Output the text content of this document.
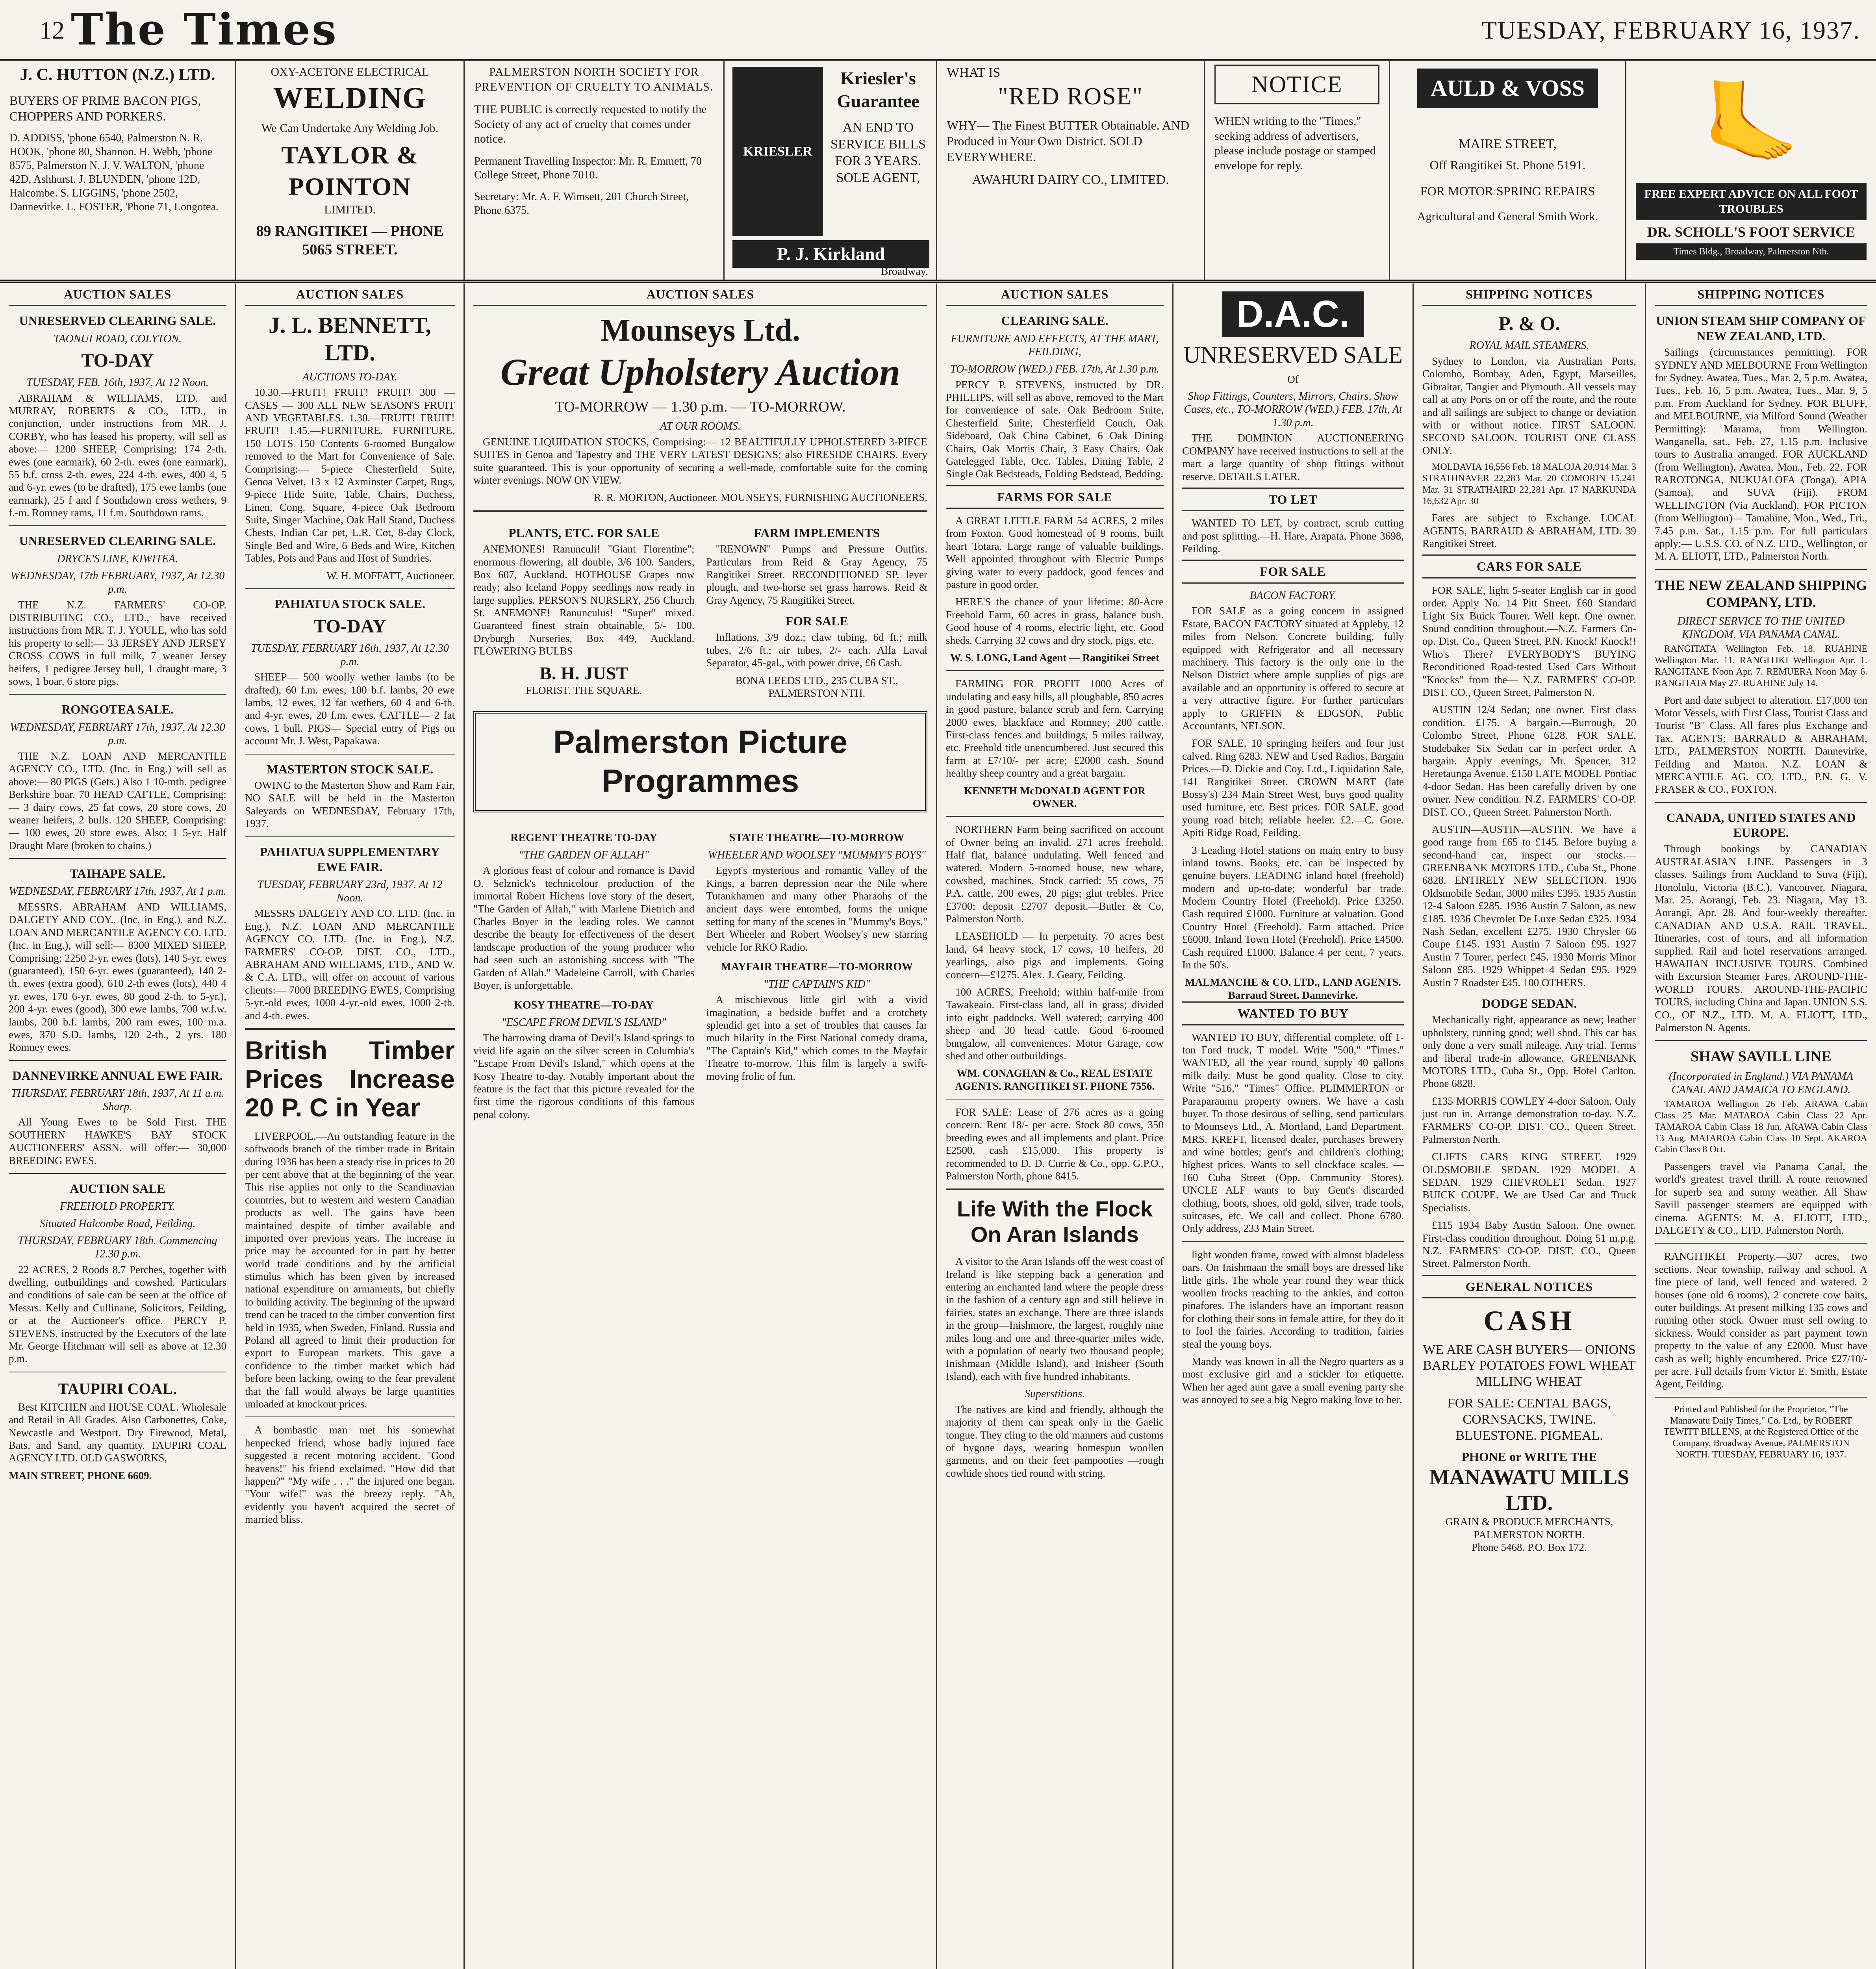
12 The Times	TUESDAY, FEBRUARY 16, 1937.
J. C. HUTTON (N.Z.) LTD.
BUYERS OF PRIME BACON PIGS, CHOPPERS AND PORKERS.
D. ADDISS, 'phone 6540, Palmerston N. R. HOOK, 'phone 80, Shannon. H. Webb, 'phone 8575, Palmerston N. J. V. WALTON, 'phone 42D, Ashhurst. J. BLUNDEN, 'phone 12D, Halcombe. S. LIGGINS, 'phone 2502, Dannevirke. L. FOSTER, 'Phone 71, Longotea.
OXY-ACETONE ELECTRICAL
WELDING
We Can Undertake Any Welding Job.
TAYLOR & POINTON
LIMITED.
89 RANGITIKEI — PHONE 5065 STREET.
PALMERSTON NORTH SOCIETY FOR PREVENTION OF CRUELTY TO ANIMALS.
THE PUBLIC is correctly requested to notify the Society of any act of cruelty that comes under notice.
Permanent Travelling Inspector: Mr. R. Emmett, 70 College Street, Phone 7010.
Secretary: Mr. A. F. Wimsett, 201 Church Street, Phone 6375.
KRIESLER
Kriesler's Guarantee
AN END TO SERVICE BILLS FOR 3 YEARS. SOLE AGENT,
P. J. Kirkland
Broadway.
WHAT IS
"RED ROSE"
WHY— The Finest BUTTER Obtainable. AND Produced in Your Own District. SOLD EVERYWHERE.
AWAHURI DAIRY CO., LIMITED.
NOTICE
WHEN writing to the "Times," seeking address of advertisers, please include postage or stamped envelope for reply.
AULD & VOSS
MAIRE STREET,
Off Rangitikei St. Phone 5191.
FOR MOTOR SPRING REPAIRS
Agricultural and General Smith Work.
🦶
FREE EXPERT ADVICE ON ALL FOOT TROUBLES
DR. SCHOLL'S FOOT SERVICE
Times Bldg., Broadway, Palmerston Nth.
AUCTION SALES
UNRESERVED CLEARING SALE.
TAONUI ROAD, COLYTON.
TO-DAY
TUESDAY, FEB. 16th, 1937, At 12 Noon.

ABRAHAM & WILLIAMS, LTD. and MURRAY, ROBERTS & CO., LTD., in conjunction, under instructions from MR. J. CORBY, who has leased his property, will sell as above:— 1200 SHEEP, Comprising: 174 2-th. ewes (one earmark), 60 2-th. ewes (one earmark), 55 b.f. cross 2-th. ewes, 224 4-th. ewes, 400 4, 5 and 6-yr. ewes (to be drafted), 175 ewe lambs (one earmark), 25 f and f Southdown cross wethers, 9 f.-m. Romney rams, 11 f.m. Southdown rams.

UNRESERVED CLEARING SALE.
DRYCE'S LINE, KIWITEA.
WEDNESDAY, 17th FEBRUARY, 1937, At 12.30 p.m.

THE N.Z. FARMERS' CO-OP. DISTRIBUTING CO., LTD., have received instructions from MR. T. J. YOULE, who has sold his property to sell:— 33 JERSEY AND JERSEY CROSS COWS in full milk, 7 weaner Jersey heifers, 1 pedigree Jersey bull, 1 draught mare, 3 sows, 1 boar, 6 store pigs.

RONGOTEA SALE.
WEDNESDAY, FEBRUARY 17th, 1937, At 12.30 p.m.

THE N.Z. LOAN AND MERCANTILE AGENCY CO., LTD. (Inc. in Eng.) will sell as above:— 80 PIGS (Gets.) Also 1 10-mth. pedigree Berkshire boar. 70 HEAD CATTLE, Comprising:— 3 dairy cows, 25 fat cows, 20 store cows, 20 weaner heifers, 2 bulls. 120 SHEEP, Comprising:— 100 ewes, 20 store ewes. Also: 1 5-yr. Half Draught Mare (broken to chains.)

TAIHAPE SALE.
WEDNESDAY, FEBRUARY 17th, 1937, At 1 p.m.

MESSRS. ABRAHAM AND WILLIAMS, DALGETY AND COY., (Inc. in Eng.), and N.Z. LOAN AND MERCANTILE AGENCY CO. LTD. (Inc. in Eng.), will sell:— 8300 MIXED SHEEP, Comprising: 2250 2-yr. ewes (lots), 140 5-yr. ewes (guaranteed), 150 6-yr. ewes (guaranteed), 140 2-th. ewes (extra good), 610 2-th ewes (lots), 440 4 yr. ewes, 170 6-yr. ewes, 80 good 2-th. to 5-yr.), 200 4-yr. ewes (good), 300 ewe lambs, 700 w.f.w. lambs, 200 b.f. lambs, 200 ram ewes, 100 m.a. ewes, 370 S.D. lambs, 120 2-th., 2 yrs. 180 Romney ewes.

DANNEVIRKE ANNUAL EWE FAIR.
THURSDAY, FEBRUARY 18th, 1937, At 11 a.m. Sharp.

All Young Ewes to be Sold First. THE SOUTHERN HAWKE'S BAY STOCK AUCTIONEERS' ASSN. will offer:— 30,000 BREEDING EWES.

AUCTION SALE
FREEHOLD PROPERTY.
Situated Halcombe Road, Feilding.
THURSDAY, FEBRUARY 18th. Commencing 12.30 p.m.

22 ACRES, 2 Roods 8.7 Perches, together with dwelling, outbuildings and cowshed. Particulars and conditions of sale can be seen at the office of Messrs. Kelly and Cullinane, Solicitors, Feilding, or at the Auctioneer's office. PERCY P. STEVENS, instructed by the Executors of the late Mr. George Hitchman will sell as above at 12.30 p.m.

TAUPIRI COAL.

Best KITCHEN and HOUSE COAL. Wholesale and Retail in All Grades. Also Carbonettes, Coke, Newcastle and Westport. Dry Firewood, Metal, Bats, and Sand, any quantity. TAUPIRI COAL AGENCY LTD. OLD GASWORKS,

MAIN STREET, PHONE 6609.
AUCTION SALES
J. L. BENNETT, LTD.
AUCTIONS TO-DAY.

10.30.—FRUIT! FRUIT! FRUIT! 300 — CASES — 300 ALL NEW SEASON'S FRUIT AND VEGETABLES. 1.30.—FRUIT! FRUIT! FRUIT! 1.45.—FURNITURE. FURNITURE. 150 LOTS 150 Contents 6-roomed Bungalow removed to the Mart for Convenience of Sale. Comprising:— 5-piece Chesterfield Suite, Genoa Velvet, 13 x 12 Axminster Carpet, Rugs, 9-piece Hide Suite, Table, Chairs, Duchess, Linen, Cong. Square, 4-piece Oak Bedroom Suite, Singer Machine, Oak Hall Stand, Duchess Chests, Indian Car pet, L.R. Cot, 8-day Clock, Single Bed and Wire, 6 Beds and Wire, Kitchen Tables, Pots and Pans and Host of Sundries.

W. H. MOFFATT, Auctioneer.
PAHIATUA STOCK SALE.
TO-DAY
TUESDAY, FEBRUARY 16th, 1937, At 12.30 p.m.

SHEEP— 500 woolly wether lambs (to be drafted), 60 f.m. ewes, 100 b.f. lambs, 20 ewe lambs, 12 ewes, 12 fat wethers, 60 4 and 6-th. and 4-yr. ewes, 20 f.m. ewes. CATTLE— 2 fat cows, 1 bull. PIGS— Special entry of Pigs on account Mr. J. West, Papakawa.

MASTERTON STOCK SALE.

OWING to the Masterton Show and Ram Fair, NO SALE will be held in the Masterton Saleyards on WEDNESDAY, February 17th, 1937.

PAHIATUA SUPPLEMENTARY EWE FAIR.
TUESDAY, FEBRUARY 23rd, 1937. At 12 Noon.

MESSRS DALGETY AND CO. LTD. (Inc. in Eng.), N.Z. LOAN AND MERCANTILE AGENCY CO. LTD. (Inc. in Eng.), N.Z. FARMERS' CO-OP. DIST. CO., LTD., ABRAHAM AND WILLIAMS, LTD., AND W. & C.A. LTD., will offer on account of various clients:— 7000 BREEDING EWES, Comprising 5-yr.-old ewes, 1000 4-yr.-old ewes, 1000 2-th. and 4-th. ewes.

British Timber Prices Increase 20 P. C in Year

LIVERPOOL.—An outstanding feature in the softwoods branch of the timber trade in Britain during 1936 has been a steady rise in prices to 20 per cent above that at the beginning of the year. This rise applies not only to the Scandinavian countries, but to western and western Canadian products as well. The gains have been maintained despite of timber available and imported over previous years. The increase in price may be accounted for in part by better world trade conditions and by the artificial stimulus which has been given by increased national expenditure on armaments, but chiefly to building activity. The beginning of the upward trend can be traced to the timber convention first held in 1935, when Sweden, Finland, Russia and Poland all agreed to limit their production for export to European markets. This gave a confidence to the timber market which had before been lacking, owing to the fear prevalent that the fall would always be large quantities unloaded at knockout prices.

A bombastic man met his somewhat henpecked friend, whose badly injured face suggested a recent motoring accident. "Good heavens!" his friend exclaimed. "How did that happen?" "My wife . . ." the injured one began. "Your wife!" was the breezy reply. "Ah, evidently you haven't acquired the secret of married bliss.

AUCTION SALES
Mounseys Ltd.
Great Upholstery Auction
TO-MORROW — 1.30 p.m. — TO-MORROW.
AT OUR ROOMS.

GENUINE LIQUIDATION STOCKS, Comprising:— 12 BEAUTIFULLY UPHOLSTERED 3-PIECE SUITES in Genoa and Tapestry and THE VERY LATEST DESIGNS; also FIRESIDE CHAIRS. Every suite guaranteed. This is your opportunity of securing a well-made, comfortable suite for the coming winter evenings. NOW ON VIEW.

R. R. MORTON, Auctioneer. MOUNSEYS, FURNISHING AUCTIONEERS.
PLANTS, ETC. FOR SALE

ANEMONES! Ranunculi! "Giant Florentine"; enormous flowering, all double, 3/6 100. Sanders, Box 607, Auckland. HOTHOUSE Grapes now ready; also Iceland Poppy seedlings now ready in large supplies. PERSON'S NURSERY, 256 Church St. ANEMONE! Ranunculus! "Super" mixed. Guaranteed finest strain obtainable, 5/- 100. Dryburgh Nurseries, Box 449, Auckland. FLOWERING BULBS

B. H. JUST
FLORIST. THE SQUARE.
FARM IMPLEMENTS

"RENOWN" Pumps and Pressure Outfits. Particulars from Reid & Gray Agency, 75 Rangitikei Street. RECONDITIONED SP. lever plough, and two-horse set grass harrows. Reid & Gray Agency, 75 Rangitikei Street.

FOR SALE

Inflations, 3/9 doz.; claw tubing, 6d ft.; milk tubes, 2/6 ft.; air tubes, 2/- each. Alfa Laval Separator, 45-gal., with power drive, £6 Cash.

BONA LEEDS LTD., 235 CUBA ST., PALMERSTON NTH.
Palmerston Picture Programmes
REGENT THEATRE TO-DAY
"THE GARDEN OF ALLAH"

A glorious feast of colour and romance is David O. Selznick's technicolour production of the immortal Robert Hichens love story of the desert, "The Garden of Allah," with Marlene Dietrich and Charles Boyer in the leading roles. We cannot describe the beauty for effectiveness of the desert landscape production of the young producer who had seen such an astonishing success with "The Garden of Allah." Madeleine Carroll, with Charles Boyer, is unforgettable.

KOSY THEATRE—TO-DAY
"ESCAPE FROM DEVIL'S ISLAND"

The harrowing drama of Devil's Island springs to vivid life again on the silver screen in Columbia's "Escape From Devil's Island," which opens at the Kosy Theatre to-day. Notably important about the feature is the fact that this picture revealed for the first time the rigorous conditions of this famous penal colony.

STATE THEATRE—TO-MORROW
WHEELER AND WOOLSEY "MUMMY'S BOYS"

Egypt's mysterious and romantic Valley of the Kings, a barren depression near the Nile where Tutankhamen and many other Pharaohs of the ancient days were entombed, forms the unique setting for many of the scenes in "Mummy's Boys," Bert Wheeler and Robert Woolsey's new starring vehicle for RKO Radio.

MAYFAIR THEATRE—TO-MORROW
"THE CAPTAIN'S KID"

A mischievous little girl with a vivid imagination, a bedside buffet and a crotchety splendid get into a set of troubles that causes far much hilarity in the First National comedy drama, "The Captain's Kid," which comes to the Mayfair Theatre to-morrow. This film is largely a swift-moving frolic of fun.

AUCTION SALES
CLEARING SALE.
FURNITURE AND EFFECTS, AT THE MART, FEILDING,
TO-MORROW (WED.) FEB. 17th, At 1.30 p.m.

PERCY P. STEVENS, instructed by DR. PHILLIPS, will sell as above, removed to the Mart for convenience of sale. Oak Bedroom Suite, Chesterfield Suite, Chesterfield Couch, Oak Sideboard, Oak China Cabinet, 6 Oak Dining Chairs, Oak Morris Chair, 3 Easy Chairs, Oak Gatelegged Table, Occ. Tables, Dining Table, 2 Single Oak Bedsteads, Folding Bedstead, Bedding.

FARMS FOR SALE

A GREAT LITTLE FARM 54 ACRES, 2 miles from Foxton. Good homestead of 9 rooms, built heart Totara. Large range of valuable buildings. Well appointed throughout with Electric Pumps giving water to every paddock, good fences and pasture in good order.

HERE'S the chance of your lifetime: 80-Acre Freehold Farm, 60 acres in grass, balance bush. Good house of 4 rooms, electric light, etc. Good sheds. Carrying 32 cows and dry stock, pigs, etc.

W. S. LONG, Land Agent — Rangitikei Street

FARMING FOR PROFIT 1000 Acres of undulating and easy hills, all ploughable, 850 acres in good pasture, balance scrub and fern. Carrying 2000 ewes, blackface and Romney; 200 cattle. First-class fences and buildings, 5 miles railway, etc. Freehold title unencumbered. Just secured this farm at £7/10/- per acre; £2000 cash. Sound healthy sheep country and a great bargain.

KENNETH McDONALD AGENT FOR OWNER.

NORTHERN Farm being sacrificed on account of Owner being an invalid. 271 acres freehold. Half flat, balance undulating. Well fenced and watered. Modern 5-roomed house, new whare, cowshed, machines. Stock carried: 55 cows, 75 P.A. cattle, 200 ewes, 20 pigs; glut trebles. Price £3700; deposit £2707 deposit.—Butler & Co, Palmerston North.

LEASEHOLD — In perpetuity. 70 acres best land, 64 heavy stock, 17 cows, 10 heifers, 20 yearlings, also pigs and implements. Going concern—£1275. Alex. J. Geary, Feilding.

100 ACRES, Freehold; within half-mile from Tawakeaio. First-class land, all in grass; divided into eight paddocks. Well watered; carrying 400 sheep and 30 head cattle. Good 6-roomed bungalow, all conveniences. Motor Garage, cow shed and other outbuildings.

WM. CONAGHAN & Co., REAL ESTATE AGENTS. RANGITIKEI ST. PHONE 7556.

FOR SALE: Lease of 276 acres as a going concern. Rent 18/- per acre. Stock 80 cows, 350 breeding ewes and all implements and plant. Price £2500, cash £15,000. This property is recommended to D. D. Currie & Co., opp. G.P.O., Palmerston North, phone 8415.

Life With the Flock On Aran Islands

A visitor to the Aran Islands off the west coast of Ireland is like stepping back a generation and entering an enchanted land where the people dress in the fashion of a century ago and still believe in fairies, states an exchange. There are three islands in the group—Inishmore, the largest, roughly nine miles long and one and three-quarter miles wide, with a population of nearly two thousand people; Inishmaan (Middle Island), and Inisheer (South Island), each with five hundred inhabitants.

Superstitions.

The natives are kind and friendly, although the majority of them can speak only in the Gaelic tongue. They cling to the old manners and customs of bygone days, wearing homespun woollen garments, and on their feet pampooties —rough cowhide shoes tied round with string.

D.A.C.
UNRESERVED SALE
Of
Shop Fittings, Counters, Mirrors, Chairs, Show Cases, etc., TO-MORROW (WED.) FEB. 17th, At 1.30 p.m.

THE DOMINION AUCTIONEERING COMPANY have received instructions to sell at the mart a large quantity of shop fittings without reserve. DETAILS LATER.

TO LET

WANTED TO LET, by contract, scrub cutting and post splitting.—H. Hare, Arapata, Phone 3698, Feilding.

FOR SALE
BACON FACTORY.

FOR SALE as a going concern in assigned Estate, BACON FACTORY situated at Appleby, 12 miles from Nelson. Concrete building, fully equipped with Refrigerator and all necessary machinery. This factory is the only one in the Nelson District where ample supplies of pigs are available and an opportunity is offered to secure at a very attractive figure. For further particulars apply to GRIFFIN & EDGSON, Public Accountants, NELSON.

FOR SALE, 10 springing heifers and four just calved. Ring 6283. NEW and Used Radios, Bargain Prices.—D. Dickie and Coy. Ltd., Liquidation Sale, 141 Rangitikei Street. CROWN MART (late Bossy's) 234 Main Street West, buys good quality used furniture, etc. Best prices. FOR SALE, good young road bitch; reliable heeler. £2.—C. Gore. Apiti Ridge Road, Feilding.

3 Leading Hotel stations on main entry to busy inland towns. Books, etc. can be inspected by genuine buyers. LEADING inland hotel (freehold) modern and up-to-date; wonderful bar trade. Modern Country Hotel (Freehold). Price £3250. Cash required £1000. Furniture at valuation. Good Country Hotel (Freehold). Farm attached. Price £6000. Inland Town Hotel (Freehold). Price £4500. Cash required £1000. Balance 4 per cent, 7 years. In the 50's.

MALMANCHE & CO. LTD., LAND AGENTS. Barraud Street. Dannevirke.
WANTED TO BUY

WANTED TO BUY, differential complete, off 1-ton Ford truck, T model. Write "500," "Times." WANTED, all the year round, supply 40 gallons milk daily. Must be good quality. Close to city. Write "516," "Times" Office. PLIMMERTON or Paraparaumu property owners. We have a cash buyer. To those desirous of selling, send particulars to Mounseys Ltd., A. Mortland, Land Department. MRS. KREFT, licensed dealer, purchases brewery and wine bottles; gent's and children's clothing; highest prices. Wants to sell clockface scales. —160 Cuba Street (Opp. Community Stores). UNCLE ALF wants to buy Gent's discarded clothing, boots, shoes, old gold, silver, trade tools, suitcases, etc. We call and collect. Phone 6780. Only address, 233 Main Street.

light wooden frame, rowed with almost bladeless oars. On Inishmaan the small boys are dressed like little girls. The whole year round they wear thick woollen frocks reaching to the ankles, and cotton pinafores. The islanders have an important reason for clothing their sons in female attire, for they do it to fool the fairies. According to tradition, fairies steal the young boys.

Mandy was known in all the Negro quarters as a most exclusive girl and a stickler for etiquette. When her aged aunt gave a small evening party she was annoyed to see a big Negro making love to her.

SHIPPING NOTICES
P. & O.
ROYAL MAIL STEAMERS.

Sydney to London, via Australian Ports, Colombo, Bombay, Aden, Egypt, Marseilles, Gibraltar, Tangier and Plymouth. All vessels may call at any Ports on or off the route, and the route and all sailings are subject to change or deviation with or without notice. FIRST SALOON. SECOND SALOON. TOURIST ONE CLASS ONLY.

MOLDAVIA 16,556 Feb. 18 MALOJA 20,914 Mar. 3 STRATHNAVER 22,283 Mar. 20 COMORIN 15,241 Mar. 31 STRATHAIRD 22,281 Apr. 17 NARKUNDA 16,632 Apr. 30

Fares are subject to Exchange. LOCAL AGENTS, BARRAUD & ABRAHAM, LTD. 39 Rangitikei Street.

CARS FOR SALE

FOR SALE, light 5-seater English car in good order. Apply No. 14 Pitt Street. £60 Standard Light Six Buick Tourer. Well kept. One owner. Sound condition throughout.—N.Z. Farmers Co-op. Dist. Co., Queen Street, P.N. Knock! Knock!! Who's There? EVERYBODY'S BUYING Reconditioned Road-tested Used Cars Without "Knocks" from the— N.Z. FARMERS' CO-OP. DIST. CO., Queen Street, Palmerston N.

AUSTIN 12/4 Sedan; one owner. First class condition. £175. A bargain.—Burrough, 20 Colombo Street, Phone 6128. FOR SALE, Studebaker Six Sedan car in perfect order. A bargain. Apply evenings, Mr. Spencer, 312 Heretaunga Avenue. £150 LATE MODEL Pontiac 4-door Sedan. Has been carefully driven by one owner. New condition. N.Z. FARMERS' CO-OP. DIST. CO., Queen Street. Palmerston North.

AUSTIN—AUSTIN—AUSTIN. We have a good range from £65 to £145. Before buying a second-hand car, inspect our stocks.—GREENBANK MOTORS LTD., Cuba St., Phone 6828. ENTIRELY NEW SELECTION. 1936 Oldsmobile Sedan, 3000 miles £395. 1935 Austin 12-4 Saloon £285. 1936 Austin 7 Saloon, as new £185. 1936 Chevrolet De Luxe Sedan £325. 1934 Nash Sedan, excellent £275. 1930 Chrysler 66 Coupe £145. 1931 Austin 7 Saloon £95. 1927 Austin 7 Tourer, perfect £45. 1930 Morris Minor Saloon £85. 1929 Whippet 4 Sedan £95. 1929 Austin 7 Roadster £45. 100 OTHERS.

DODGE SEDAN.

Mechanically right, appearance as new; leather upholstery, running good; well shod. This car has only done a very small mileage. Any trial. Terms and liberal trade-in allowance. GREENBANK MOTORS LTD., Cuba St., Opp. Hotel Carlton. Phone 6828.

£135 MORRIS COWLEY 4-door Saloon. Only just run in. Arrange demonstration to-day. N.Z. FARMERS' CO-OP. DIST. CO., Queen Street. Palmerston North.

CLIFTS CARS KING STREET. 1929 OLDSMOBILE SEDAN. 1929 MODEL A SEDAN. 1929 CHEVROLET Sedan. 1927 BUICK COUPE. We are Used Car and Truck Specialists.

£115 1934 Baby Austin Saloon. One owner. First-class condition throughout. Doing 51 m.p.g. N.Z. FARMERS' CO-OP. DIST. CO., Queen Street. Palmerston North.

GENERAL NOTICES
CASH
WE ARE CASH BUYERS— ONIONS BARLEY POTATOES FOWL WHEAT MILLING WHEAT
FOR SALE: CENTAL BAGS, CORNSACKS, TWINE. BLUESTONE. PIGMEAL.
PHONE or WRITE THE
MANAWATU MILLS LTD.
GRAIN & PRODUCE MERCHANTS, PALMERSTON NORTH.
Phone 5468. P.O. Box 172.
SHIPPING NOTICES
UNION STEAM SHIP COMPANY OF NEW ZEALAND, LTD.

Sailings (circumstances permitting). FOR SYDNEY AND MELBOURNE From Wellington for Sydney. Awatea, Tues., Mar. 2, 5 p.m. Awatea, Tues., Feb. 16, 5 p.m. Awatea, Tues., Mar. 9, 5 p.m. From Auckland for Sydney. FOR BLUFF, and MELBOURNE, via Milford Sound (Weather Permitting): Marama, from Wellington. Wanganella, sat., Feb. 27, 1.15 p.m. Inclusive tours to Australia arranged. FOR AUCKLAND (from Wellington). Awatea, Mon., Feb. 22. FOR RAROTONGA, NUKUALOFA (Tonga), APIA (Samoa), and SUVA (Fiji). FROM WELLINGTON (Via Auckland). FOR PICTON (from Wellington)— Tamahine, Mon., Wed., Fri., 7.45 p.m. Sat., 1.15 p.m. For full particulars apply:— U.S.S. CO. of N.Z. LTD., Wellington, or M. A. ELIOTT, LTD., Palmerston North.

THE NEW ZEALAND SHIPPING COMPANY, LTD.
DIRECT SERVICE TO THE UNITED KINGDOM, VIA PANAMA CANAL.

RANGITATA Wellington Feb. 18. RUAHINE Wellington Mar. 11. RANGITIKI Wellington Apr. 1. RANGITANE Noon Apr. 7. REMUERA Noon May 6. RANGITATA May 27. RUAHINE July 14.

Port and date subject to alteration. £17,000 ton Motor Vessels, with First Class, Tourist Class and Tourist "B" Class. All fares plus Exchange and Tax. AGENTS: BARRAUD & ABRAHAM, LTD., PALMERSTON NORTH. Dannevirke, Feilding and Marton. N.Z. LOAN & MERCANTILE AG. CO. LTD., P.N. G. V. FRASER & CO., FOXTON.

CANADA, UNITED STATES AND EUROPE.

Through bookings by CANADIAN AUSTRALASIAN LINE. Passengers in 3 classes. Sailings from Auckland to Suva (Fiji), Honolulu, Victoria (B.C.), Vancouver. Niagara, Mar. 25. Aorangi, Feb. 23. Niagara, May 13. Aorangi, Apr. 28. And four-weekly thereafter. CANADIAN AND U.S.A. RAIL TRAVEL. Itineraries, cost of tours, and all information supplied. Rail and hotel reservations arranged. HAWAIIAN INCLUSIVE TOURS. Combined with Excursion Steamer Fares. AROUND-THE-WORLD TOURS. AROUND-THE-PACIFIC TOURS, including China and Japan. UNION S.S. CO., OF N.Z., LTD. M. A. ELIOTT, LTD., Palmerston N. Agents.

SHAW SAVILL LINE
(Incorporated in England.) VIA PANAMA CANAL AND JAMAICA TO ENGLAND.

TAMAROA Wellington 26 Feb. ARAWA Cabin Class 25 Mar. MATAROA Cabin Class 22 Apr. TAMAROA Cabin Class 18 Jun. ARAWA Cabin Class 13 Aug. MATAROA Cabin Class 10 Sept. AKAROA Cabin Class 8 Oct.

Passengers travel via Panama Canal, the world's greatest travel thrill. A route renowned for superb sea and sunny weather. All Shaw Savill passenger steamers are equipped with cinema. AGENTS: M. A. ELIOTT, LTD., DALGETY & CO., LTD. Palmerston North.

RANGITIKEI Property.—307 acres, two sections. Near township, railway and school. A fine piece of land, well fenced and watered. 2 houses (one old 6 rooms), 2 concrete cow baits, outer buildings. At present milking 135 cows and running other stock. Owner must sell owing to sickness. Would consider as part payment town property to the value of any £2000. Must have cash as well; highly encumbered. Price £27/10/- per acre. Full details from Victor E. Smith, Estate Agent, Feilding.

Printed and Published for the Proprietor, "The Manawatu Daily Times," Co. Ltd., by ROBERT TEWITT BILLENS, at the Registered Office of the Company, Broadway Avenue, PALMERSTON NORTH. TUESDAY, FEBRUARY 16, 1937.
